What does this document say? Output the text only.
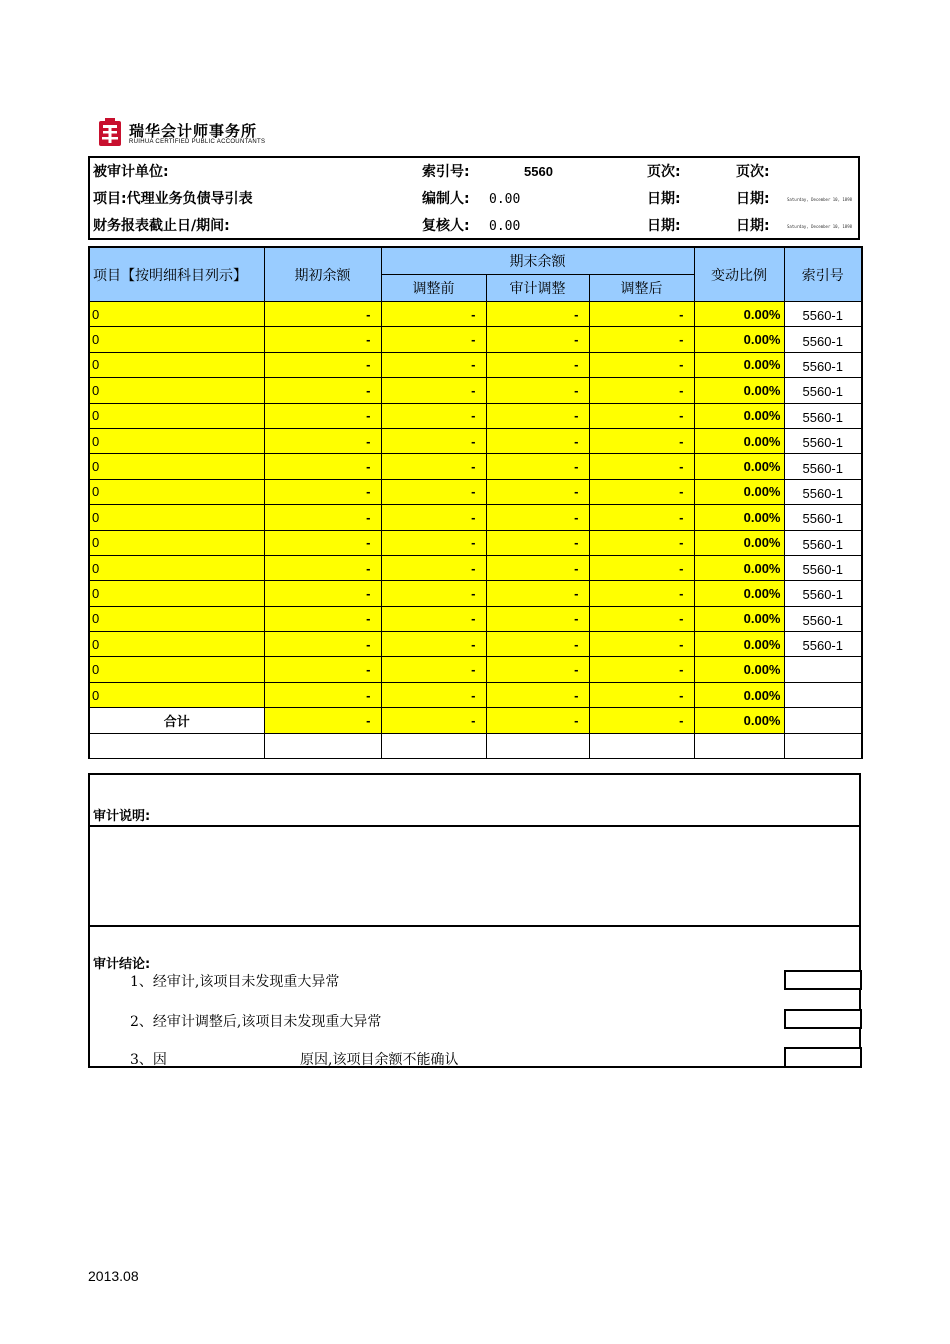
瑞华会计师事务所
RUIHUA CERTIFIED PUBLIC ACCOUNTANTS
被审计单位:	索引号:	5560	页次:	页次:
项目:代理业务负债导引表	编制人: 0.00	日期:	日期:	Saturday, December 10, 1898
财务报表截止日/期间:	复核人: 0.00	日期:	日期:	Saturday, December 10, 1898
项目【按明细科目列示】	期初余额	期末余额			变动比例	索引号
		调整前	审计调整	调整后		
0	-	-	-	-	0.00%	5560-1
0	-	-	-	-	0.00%	5560-1
0	-	-	-	-	0.00%	5560-1
0	-	-	-	-	0.00%	5560-1
0	-	-	-	-	0.00%	5560-1
0	-	-	-	-	0.00%	5560-1
0	-	-	-	-	0.00%	5560-1
0	-	-	-	-	0.00%	5560-1
0	-	-	-	-	0.00%	5560-1
0	-	-	-	-	0.00%	5560-1
0	-	-	-	-	0.00%	5560-1
0	-	-	-	-	0.00%	5560-1
0	-	-	-	-	0.00%	5560-1
0	-	-	-	-	0.00%	5560-1
0	-	-	-	-	0.00%	
0	-	-	-	-	0.00%	
合计	-	-	-	-	0.00%	

审计说明:
审计结论:
1、经审计,该项目未发现重大异常
2、经审计调整后,该项目未发现重大异常
3、因	原因,该项目余额不能确认
2013.08
